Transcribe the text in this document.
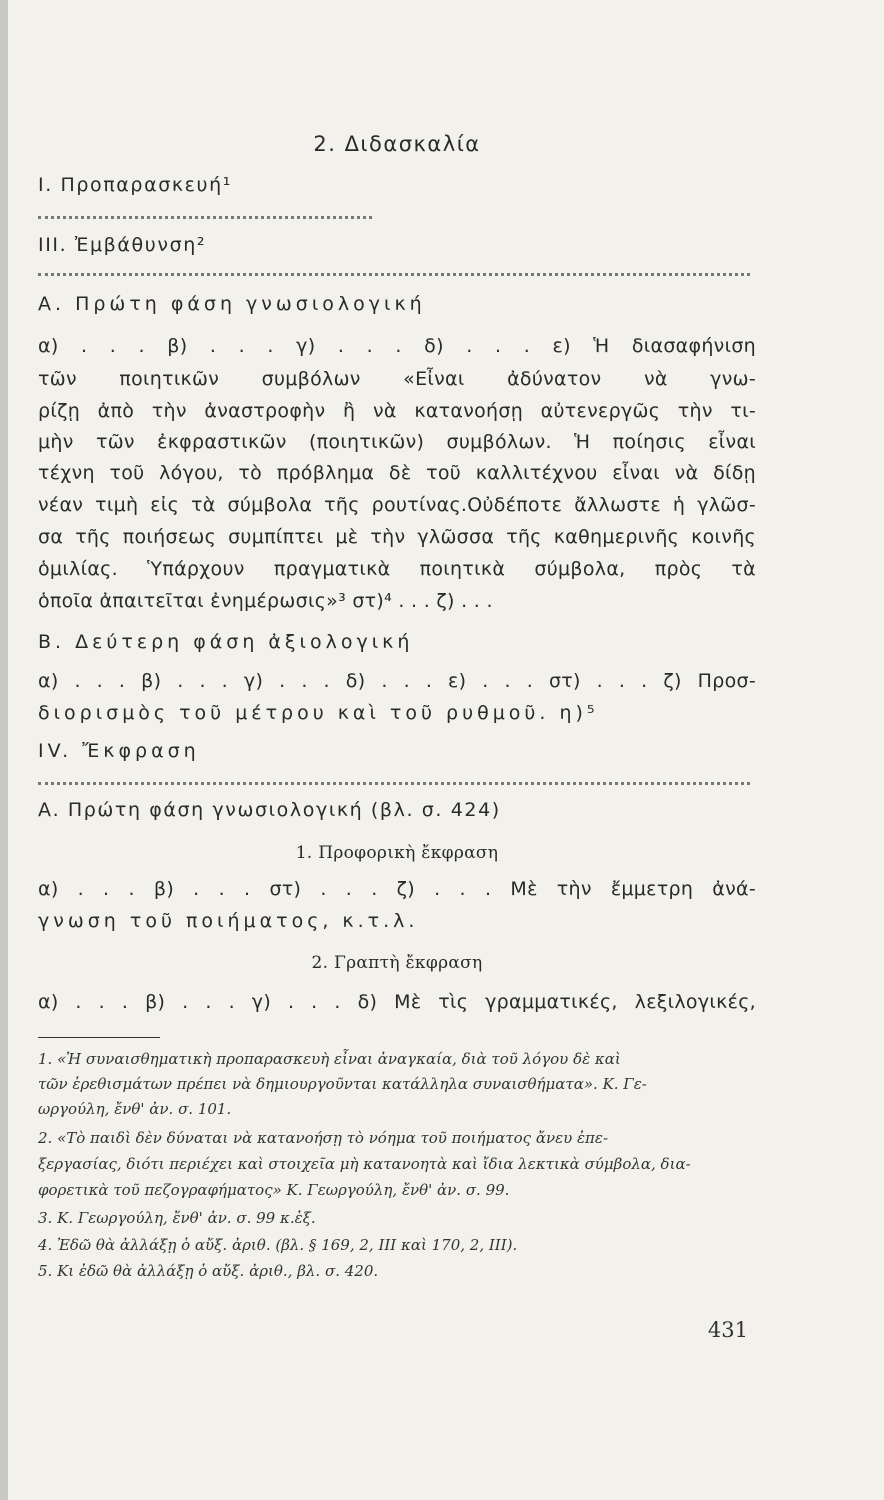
2. Διδασκαλία
I. Προπαρασκευή¹
III. Ἐμβάθυνση²
Α. Πρώτη φάση γνωσιολογική
α) . . . β) . . . γ) . . . δ) . . . ε) Ἡ διασαφήνιση
τῶν ποιητικῶν συμβόλων «Εἶναι ἀδύνατον νὰ γνω-
ρίζῃ ἀπὸ τὴν ἀναστροφὴν ἢ νὰ κατανοήσῃ αὐτενεργῶς τὴν τι-
μὴν τῶν ἐκφραστικῶν (ποιητικῶν) συμβόλων. Ἡ ποίησις εἶναι
τέχνη τοῦ λόγου, τὸ πρόβλημα δὲ τοῦ καλλιτέχνου εἶναι νὰ δίδῃ
νέαν τιμὴ εἰς τὰ σύμβολα τῆς ρουτίνας.Οὐδέποτε ἄλλωστε ἡ γλῶσ-
σα τῆς ποιήσεως συμπίπτει μὲ τὴν γλῶσσα τῆς καθημερινῆς κοινῆς
ὁμιλίας. Ὑπάρχουν πραγματικὰ ποιητικὰ σύμβολα, πρὸς τὰ
ὁποῖα ἀπαιτεῖται ἐνημέρωσις»³ στ)⁴ . . . ζ) . . .
Β. Δεύτερη φάση ἀξιολογική
α) . . . β) . . . γ) . . . δ) . . . ε) . . . στ) . . . ζ) Προσ-
διορισμὸς τοῦ μέτρου καὶ τοῦ ρυθμοῦ. η)⁵
IV. Ἔκφραση
Α. Πρώτη φάση γνωσιολογική (βλ. σ. 424)
1. Προφορικὴ ἔκφραση
α) . . . β) . . . στ) . . . ζ) . . . Μὲ τὴν ἔμμετρη ἀνά-
γνωση τοῦ ποιήματος, κ.τ.λ.
2. Γραπτὴ ἔκφραση
α) . . . β) . . . γ) . . . δ) Μὲ τὶς γραμματικές, λεξιλογικές,
1. «Ἡ συναισθηματικὴ προπαρασκευὴ εἶναι ἀναγκαία, διὰ τοῦ λόγου δὲ καὶ
τῶν ἐρεθισμάτων πρέπει νὰ δημιουργοῦνται κατάλληλα συναισθήματα». Κ. Γε-
ωργούλη, ἔνθ' ἀν. σ. 101.
2. «Τὸ παιδὶ δὲν δύναται νὰ κατανοήσῃ τὸ νόημα τοῦ ποιήματος ἄνευ ἐπε-
ξεργασίας, διότι περιέχει καὶ στοιχεῖα μὴ κατανοητὰ καὶ ἴδια λεκτικὰ σύμβολα, δια-
φορετικὰ τοῦ πεζογραφήματος» Κ. Γεωργούλη, ἔνθ' ἀν. σ. 99.
3. Κ. Γεωργούλη, ἔνθ' ἀν. σ. 99 κ.ἑξ.
4. Ἐδῶ θὰ ἀλλάξῃ ὁ αὔξ. ἀριθ. (βλ. § 169, 2, III καὶ 170, 2, III).
5. Κι ἐδῶ θὰ ἀλλάξῃ ὁ αὔξ. ἀριθ., βλ. σ. 420.
431
